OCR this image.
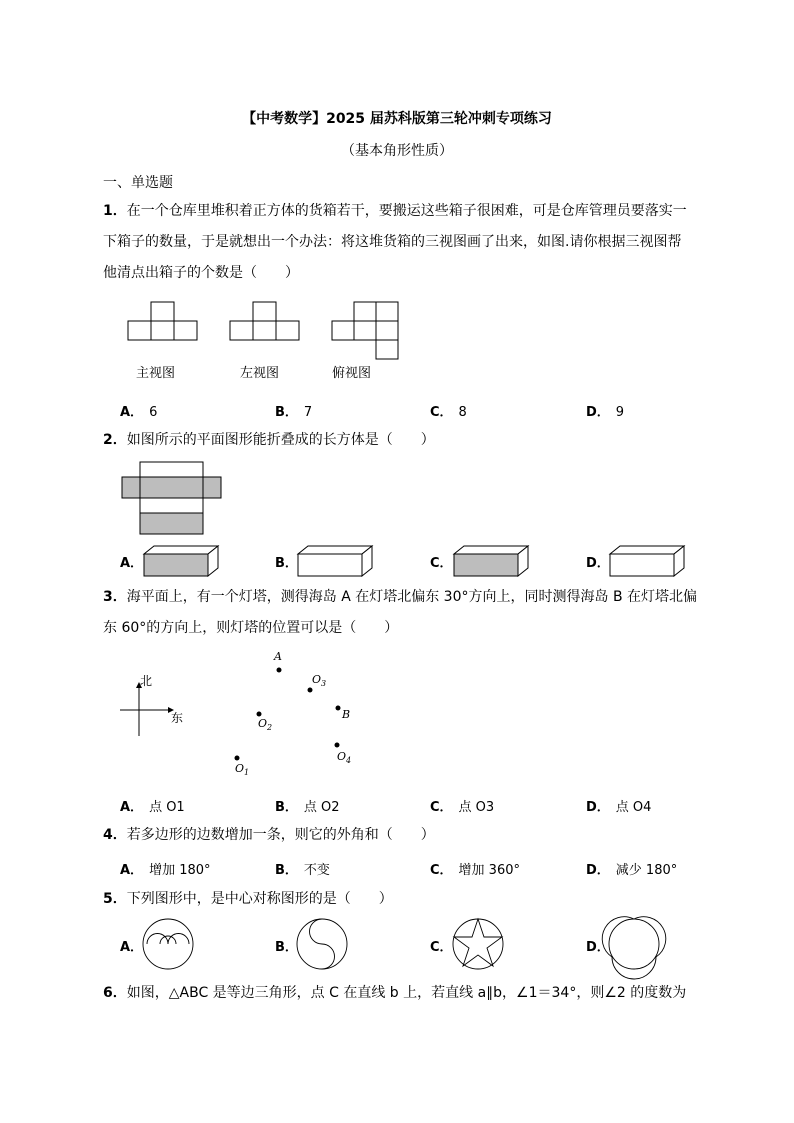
【中考数学】2025 届苏科版第三轮冲刺专项练习
（基本角形性质）
一、单选题
1．在一个仓库里堆积着正方体的货箱若干，要搬运这些箱子很困难，可是仓库管理员要落实一
下箱子的数量，于是就想出一个办法：将这堆货箱的三视图画了出来，如图.请你根据三视图帮
他清点出箱子的个数是（　　）
主视图	左视图	俯视图
A． 6	B． 7	C． 8	D． 9
2．如图所示的平面图形能折叠成的长方体是（　　）
A．	B．	C．	D．
3．海平面上，有一个灯塔，测得海岛 A 在灯塔北偏东 30°方向上，同时测得海岛 B 在灯塔北偏
东 60°的方向上，则灯塔的位置可以是（　　）
北
东
A
B
$O_3$
$O_2$
$O_4$
$O_1$
A． 点 O1	B． 点 O2	C． 点 O3	D． 点 O4
4．若多边形的边数增加一条，则它的外角和（　　）
A． 增加 180°	B． 不变	C． 增加 360°	D． 减少 180°
5．下列图形中，是中心对称图形的是（　　）
A．	B．	C．	D．
6．如图，△ABC 是等边三角形，点 C 在直线 b 上，若直线 a∥b，∠1＝34°，则∠2 的度数为
